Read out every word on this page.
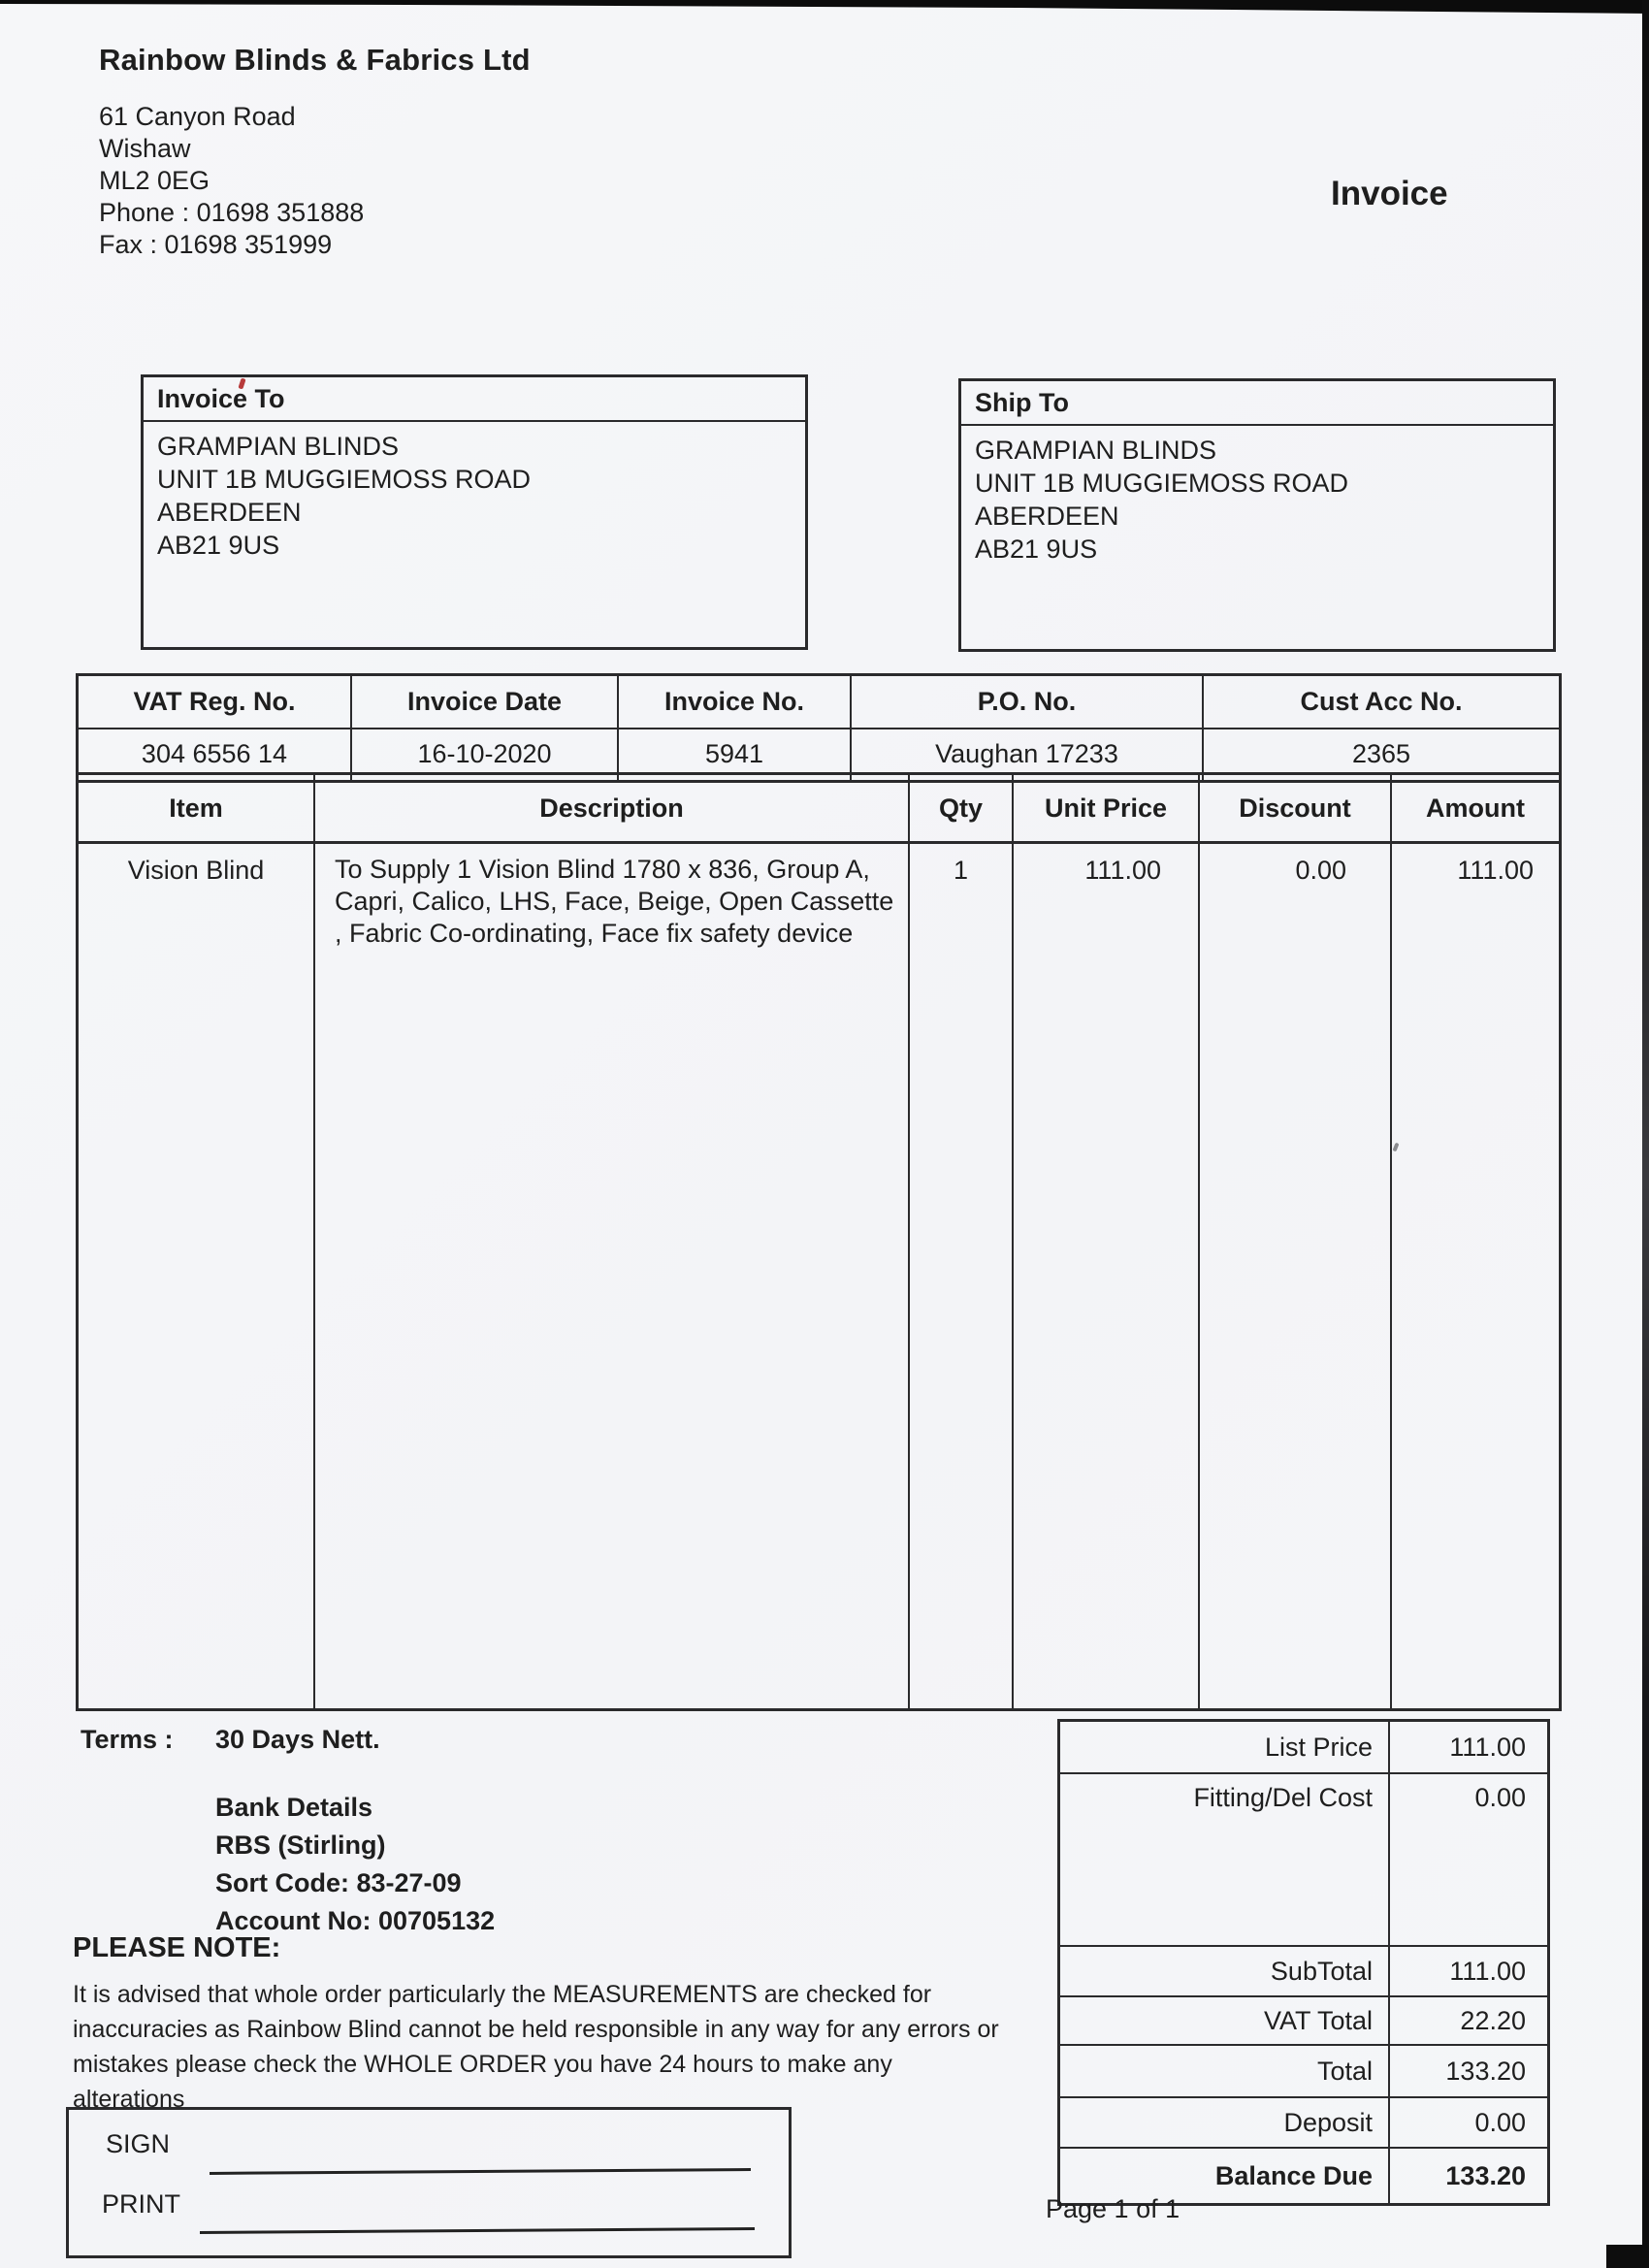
Rainbow Blinds & Fabrics Ltd
61 Canyon Road
Wishaw
ML2 0EG
Phone : 01698 351888
Fax : 01698 351999
Invoice
Invoice To
GRAMPIAN BLINDS
UNIT 1B MUGGIEMOSS ROAD
ABERDEEN
AB21 9US
Ship To
GRAMPIAN BLINDS
UNIT 1B MUGGIEMOSS ROAD
ABERDEEN
AB21 9US
VAT Reg. No.	Invoice Date	Invoice No.	P.O. No.	Cust Acc No.
304 6556 14	16-10-2020	5941	Vaughan 17233	2365
Item	Description	Qty	Unit Price	Discount	Amount
Vision Blind	To Supply 1 Vision Blind 1780 x 836, Group A,
Capri, Calico, LHS, Face, Beige, Open Cassette
, Fabric Co-ordinating, Face fix safety device
1	111.00	0.00	111.00
Terms : 30 Days Nett.
Bank Details
RBS (Stirling)
Sort Code: 83-27-09
Account No: 00705132
PLEASE NOTE:
It is advised that whole order particularly the MEASUREMENTS are checked for
inaccuracies as Rainbow Blind cannot be held responsible in any way for any errors or
mistakes please check the WHOLE ORDER you have 24 hours to make any alterations
List Price	111.00
Fitting/Del Cost	0.00
SubTotal	111.00
VAT Total	22.20
Total	133.20
Deposit	0.00
Balance Due	133.20
SIGN
PRINT	Page 1 of 1
